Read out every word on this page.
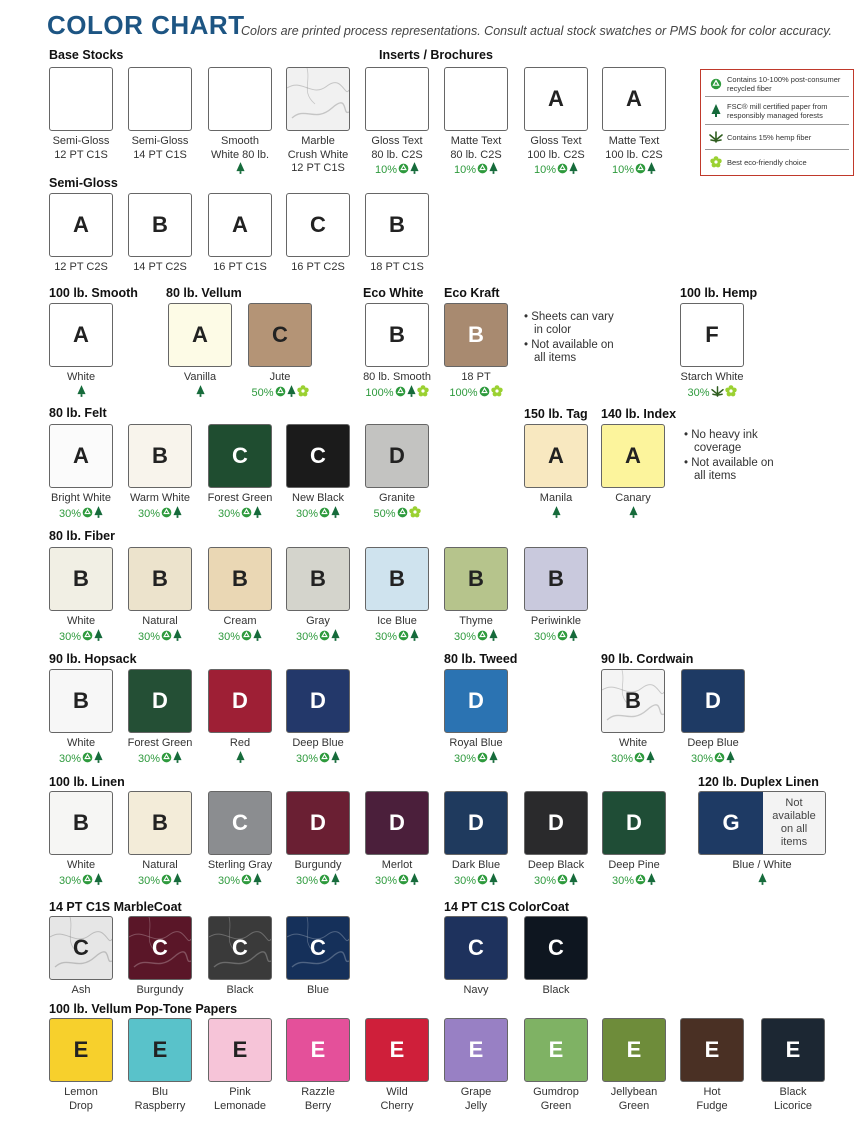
COLOR CHART
Colors are printed process representations. Consult actual stock swatches or PMS book for color accuracy.
Contains 10-100% post-consumer recycled fiber
FSC® mill certified paper from responsibly managed forests
Contains 15% hemp fiber
Best eco-friendly choice
• Sheets can vary in color
• Not available on all items
• No heavy ink coverage
• Not available on all items
Base Stocks
Semi-Gloss
12 PT C1S
Semi-Gloss
14 PT C1S
Smooth
White 80 lb.
Marble
Crush White
12 PT C1S
Inserts / Brochures
Gloss Text
80 lb. C2S
10%
Matte Text
80 lb. C2S
10%
A
Gloss Text
100 lb. C2S
10%
A
Matte Text
100 lb. C2S
10%
Semi-Gloss
A
12 PT C2S
B
14 PT C2S
A
16 PT C1S
C
16 PT C2S
B
18 PT C1S
100 lb. Smooth
A
White
80 lb. Vellum
A
Vanilla
C
Jute
50%
Eco White
B
80 lb. Smooth
100%
Eco Kraft
B
18 PT
100%
100 lb. Hemp
F
Starch White
30%
80 lb. Felt
A
Bright White
30%
B
Warm White
30%
C
Forest Green
30%
C
New Black
30%
D
Granite
50%
150 lb. Tag
A
Manila
140 lb. Index
A
Canary
80 lb. Fiber
B
White
30%
B
Natural
30%
B
Cream
30%
B
Gray
30%
B
Ice Blue
30%
B
Thyme
30%
B
Periwinkle
30%
90 lb. Hopsack
B
White
30%
D
Forest Green
30%
D
Red
D
Deep Blue
30%
80 lb. Tweed
D
Royal Blue
30%
90 lb. Cordwain
B
White
30%
D
Deep Blue
30%
100 lb. Linen
B
White
30%
B
Natural
30%
C
Sterling Gray
30%
D
Burgundy
30%
D
Merlot
30%
D
Dark Blue
30%
D
Deep Black
30%
D
Deep Pine
30%
120 lb. Duplex Linen
G
Not
available
on all
items
Blue / White
14 PT C1S MarbleCoat
C
Ash
C
Burgundy
C
Black
C
Blue
14 PT C1S ColorCoat
C
Navy
C
Black
100 lb. Vellum Pop-Tone Papers
E
Lemon
Drop
E
Blu
Raspberry
E
Pink
Lemonade
E
Razzle
Berry
E
Wild
Cherry
E
Grape
Jelly
E
Gumdrop
Green
E
Jellybean
Green
E
Hot
Fudge
E
Black
Licorice
